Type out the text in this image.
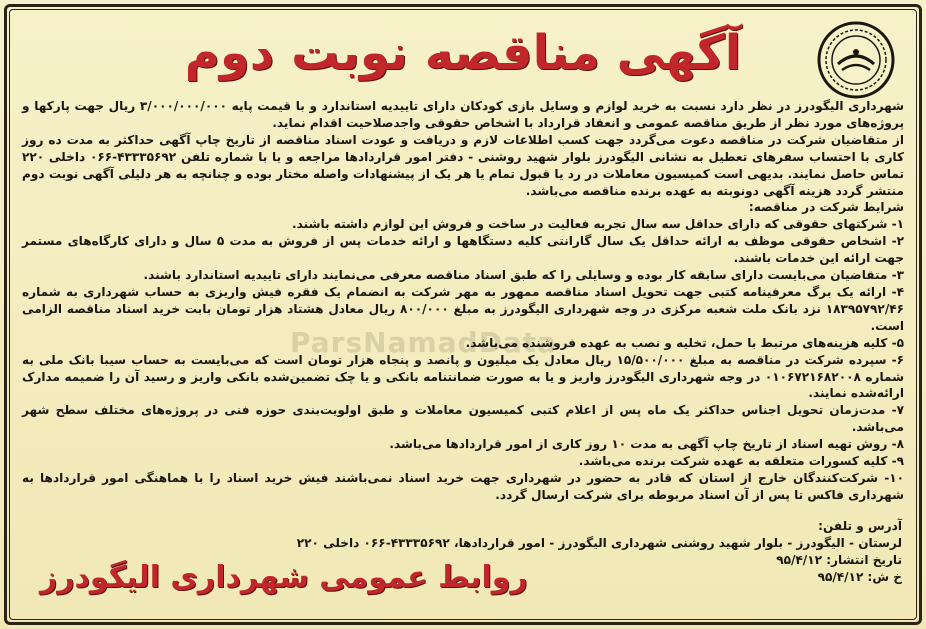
ParsNamadData
آگهی مناقصه نوبت دوم

شهرداری الیگودرز در نظر دارد نسبت به خرید لوازم و وسایل بازی کودکان دارای تاییدیه استاندارد و با قیمت پایه ۳/۰۰۰/۰۰۰/۰۰۰ ریال جهت پارکها و پروژه‌های مورد نظر از طریق مناقصه عمومی و انعقاد قرارداد با اشخاص حقوقی واجدصلاحیت اقدام نماید.

از متقاضیان شرکت در مناقصه دعوت می‌گردد جهت کسب اطلاعات لازم و دریافت و عودت اسناد مناقصه از تاریخ چاپ آگهی حداکثر به مدت ده روز کاری با احتساب سفرهای تعطیل به نشانی الیگودرز بلوار شهید روشنی - دفتر امور قراردادها مراجعه و یا با شماره تلفن ۴۳۳۳۵۶۹۲-۰۶۶ داخلی ۲۲۰ تماس حاصل نمایند. بدیهی است کمیسیون معاملات در رد یا قبول تمام یا هر یک از پیشنهادات واصله مختار بوده و چنانچه به هر دلیلی آگهی نوبت دوم منتشر گردد هزینه آگهی دونوبته به عهده برنده مناقصه می‌باشد.

شرایط شرکت در مناقصه:

۱- شرکتهای حقوقی که دارای حداقل سه سال تجربه فعالیت در ساخت و فروش این لوازم داشته باشند.

۲- اشخاص حقوقی موظف به ارائه حداقل یک سال گارانتی کلیه دستگاهها و ارائه خدمات پس از فروش به مدت ۵ سال و دارای کارگاه‌های مستمر جهت ارائه این خدمات باشند.

۳- متقاضیان می‌بایست دارای سابقه کار بوده و وسایلی را که طبق اسناد مناقصه معرفی می‌نمایند دارای تاییدیه استاندارد باشند.

۴- ارائه یک برگ معرفینامه کتبی جهت تحویل اسناد مناقصه ممهور به مهر شرکت به انضمام یک فقره فیش واریزی به حساب شهرداری به شماره ۱۸۳۹۵۷۹۲/۴۶ نزد بانک ملت شعبه مرکزی در وجه شهرداری الیگودرز به مبلغ ۸۰۰/۰۰۰ ریال معادل هشتاد هزار تومان بابت خرید اسناد مناقصه الزامی است.

۵- کلیه هزینه‌های مرتبط با حمل، تخلیه و نصب به عهده فروشنده می‌باشد.

۶- سپرده شرکت در مناقصه به مبلغ ۱۵/۵۰۰/۰۰۰ ریال معادل یک میلیون و پانصد و پنجاه هزار تومان است که می‌بایست به حساب سیبا بانک ملی به شماره ۰۱۰۶۷۲۱۶۸۲۰۰۸ در وجه شهرداری الیگودرز واریز و یا به صورت ضمانتنامه بانکی و یا چک تضمین‌شده بانکی واریز و رسید آن را ضمیمه مدارک ارائه‌شده نمایند.

۷- مدت‌زمان تحویل اجناس حداکثر یک ماه پس از اعلام کتبی کمیسیون معاملات و طبق اولویت‌بندی حوزه فنی در پروژه‌های مختلف سطح شهر می‌باشد.

۸- روش تهیه اسناد از تاریخ چاپ آگهی به مدت ۱۰ روز کاری از امور قراردادها می‌باشد.

۹- کلیه کسورات متعلقه به عهده شرکت برنده می‌باشد.

۱۰- شرکت‌کنندگان خارج از استان که قادر به حضور در شهرداری جهت خرید اسناد نمی‌باشند فیش خرید اسناد را با هماهنگی امور قراردادها به شهرداری فاکس تا پس از آن اسناد مربوطه برای شرکت ارسال گردد.

آدرس و تلفن:

لرستان - الیگودرز - بلوار شهید روشنی شهرداری الیگودرز - امور قراردادها، ۴۳۳۳۵۶۹۲-۰۶۶ داخلی ۲۲۰

تاریخ انتشار: ۹۵/۴/۱۲

خ ش: ۹۵/۴/۱۲

روابط عمومی شهرداری الیگودرز
